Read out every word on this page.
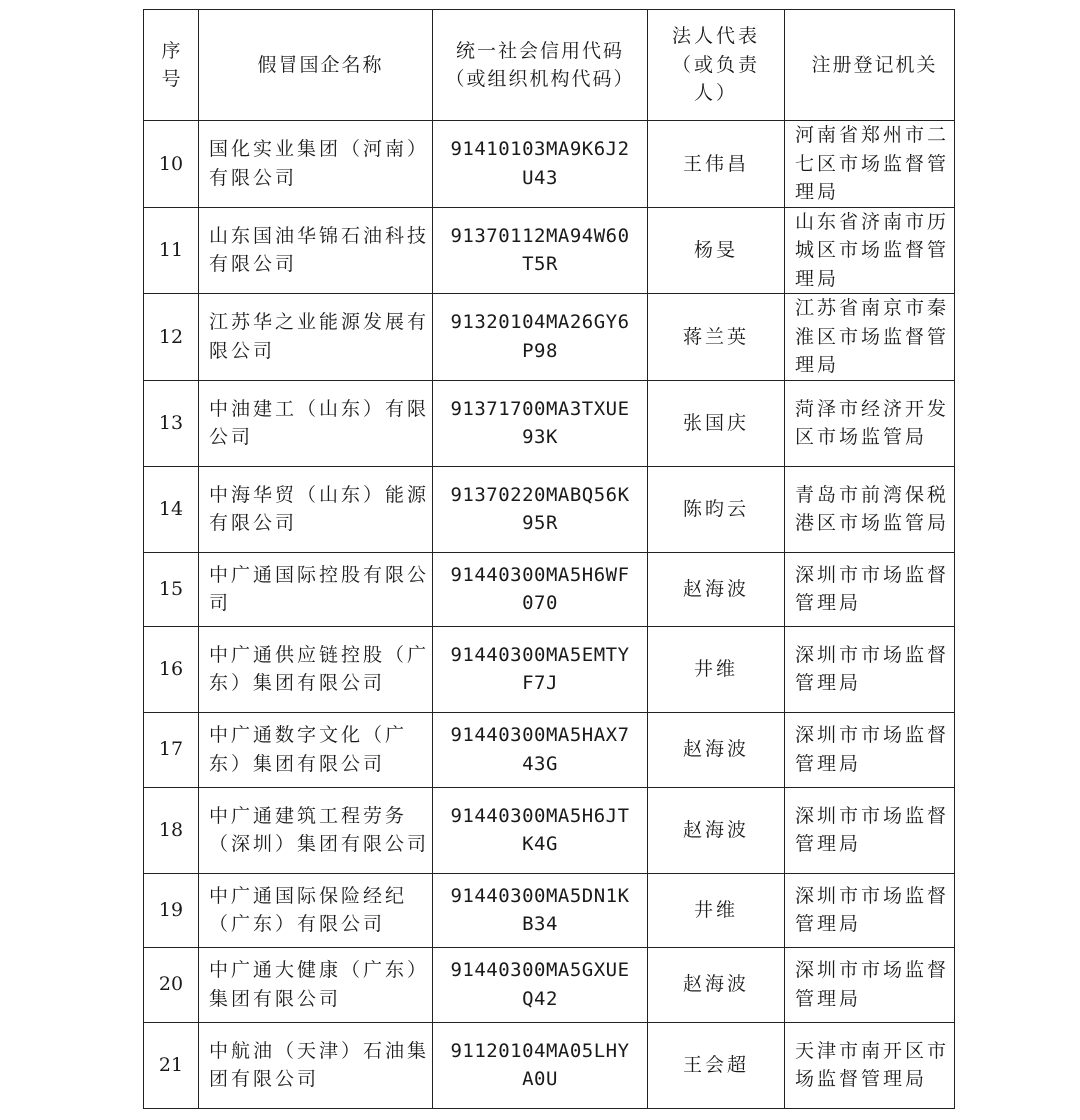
序号	假冒国企名称	统一社会信用代码（或组织机构代码）	法人代表（或负责人）	注册登记机关
10	国化实业集团（河南）有限公司	91410103MA9K6J2U43	王伟昌	河南省郑州市二七区市场监督管理局
11	山东国油华锦石油科技有限公司	91370112MA94W60T5R	杨旻	山东省济南市历城区市场监督管理局
12	江苏华之业能源发展有限公司	91320104MA26GY6P98	蒋兰英	江苏省南京市秦淮区市场监督管理局
13	中油建工（山东）有限公司	91371700MA3TXUE93K	张国庆	菏泽市经济开发区市场监管局
14	中海华贸（山东）能源有限公司	91370220MABQ56K95R	陈昀云	青岛市前湾保税港区市场监管局
15	中广通国际控股有限公司	91440300MA5H6WF070	赵海波	深圳市市场监督管理局
16	中广通供应链控股（广东）集团有限公司	91440300MA5EMTYF7J	井维	深圳市市场监督管理局
17	中广通数字文化（广东）集团有限公司	91440300MA5HAX743G	赵海波	深圳市市场监督管理局
18	中广通建筑工程劳务（深圳）集团有限公司	91440300MA5H6JTK4G	赵海波	深圳市市场监督管理局
19	中广通国际保险经纪（广东）有限公司	91440300MA5DN1KB34	井维	深圳市市场监督管理局
20	中广通大健康（广东）集团有限公司	91440300MA5GXUEQ42	赵海波	深圳市市场监督管理局
21	中航油（天津）石油集团有限公司	91120104MA05LHYA0U	王会超	天津市南开区市场监督管理局
